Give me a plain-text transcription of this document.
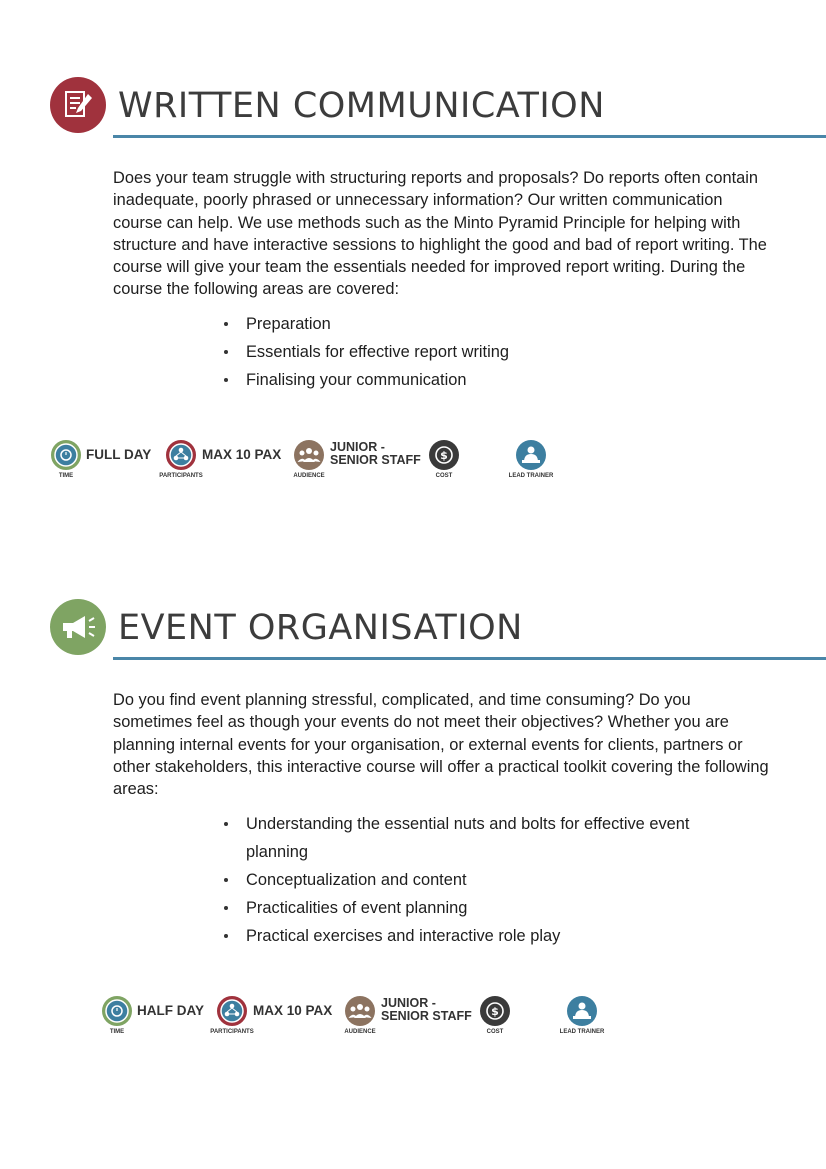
WRITTEN COMMUNICATION
Does your team struggle with structuring reports and proposals? Do reports often contain inadequate, poorly phrased or unnecessary information? Our written communication course can help. We use methods such as the Minto Pyramid Principle for helping with structure and have interactive sessions to highlight the good and bad of report writing. The course will give your team the essentials needed for improved report writing. During the course the following areas are covered:
Preparation
Essentials for effective report writing
Finalising your communication
TIME
FULL DAY
PARTICIPANTS
MAX 10 PAX
AUDIENCE
JUNIOR -
SENIOR STAFF $
COST	LEAD TRAINER
EVENT ORGANISATION
Do you find event planning stressful, complicated, and time consuming? Do you sometimes feel as though your events do not meet their objectives? Whether you are planning internal events for your organisation, or external events for clients, partners or other stakeholders, this interactive course will offer a practical toolkit covering the following areas:
Understanding the essential nuts and bolts for effective event planning
Conceptualization and content
Practicalities of event planning
Practical exercises and interactive role play
TIME
HALF DAY
PARTICIPANTS
MAX 10 PAX
AUDIENCE
JUNIOR -
SENIOR STAFF $
COST	LEAD TRAINER
